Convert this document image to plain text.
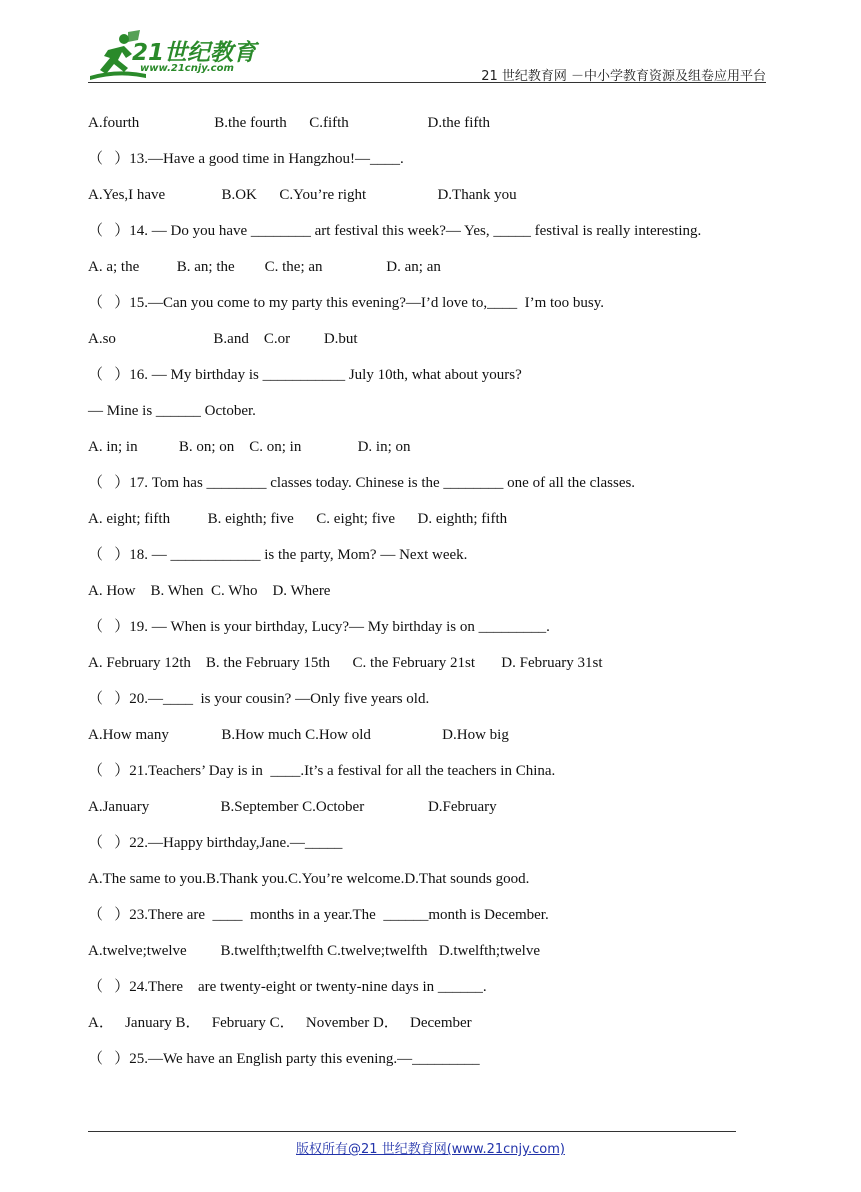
21世纪教育
www.21cnjy.com
21 世纪教育网 －中小学教育资源及组卷应用平台
A.fourth                    B.the fourth      C.fifth                     D.the fifth
（   ）13.—Have a good time in Hangzhou!—____.
A.Yes,I have               B.OK      C.You’re right                   D.Thank you
（   ）14. — Do you have ________ art festival this week?— Yes, _____ festival is really interesting.
A. a; the          B. an; the        C. the; an                 D. an; an
（   ）15.—Can you come to my party this evening?—I’d love to,____  I’m too busy.
A.so                          B.and    C.or         D.but
（   ）16. — My birthday is ___________ July 10th, what about yours?
— Mine is ______ October.
A. in; in           B. on; on    C. on; in               D. in; on
（   ）17. Tom has ________ classes today. Chinese is the ________ one of all the classes.
A. eight; fifth          B. eighth; five      C. eight; five      D. eighth; fifth
（   ）18. — ____________ is the party, Mom? — Next week.
A. How    B. When  C. Who    D. Where
（   ）19. — When is your birthday, Lucy?— My birthday is on _________.
A. February 12th    B. the February 15th      C. the February 21st       D. February 31st
（   ）20.—____  is your cousin? —Only five years old.
A.How many              B.How much C.How old                   D.How big
（   ）21.Teachers’ Day is in  ____.It’s a festival for all the teachers in China.
A.January                   B.September C.October                 D.February
（   ）22.—Happy birthday,Jane.—_____
A.The same to you.B.Thank you.C.You’re welcome.D.That sounds good.
（   ）23.There are  ____  months in a year.The  ______month is December.
A.twelve;twelve         B.twelfth;twelfth C.twelve;twelfth   D.twelfth;twelve
（   ）24.There    are twenty-eight or twenty-nine days in ______.
A．   January B．   February C．   November D．   December
（   ）25.—We have an English party this evening.—_________
版权所有@21 世纪教育网(www.21cnjy.com)
